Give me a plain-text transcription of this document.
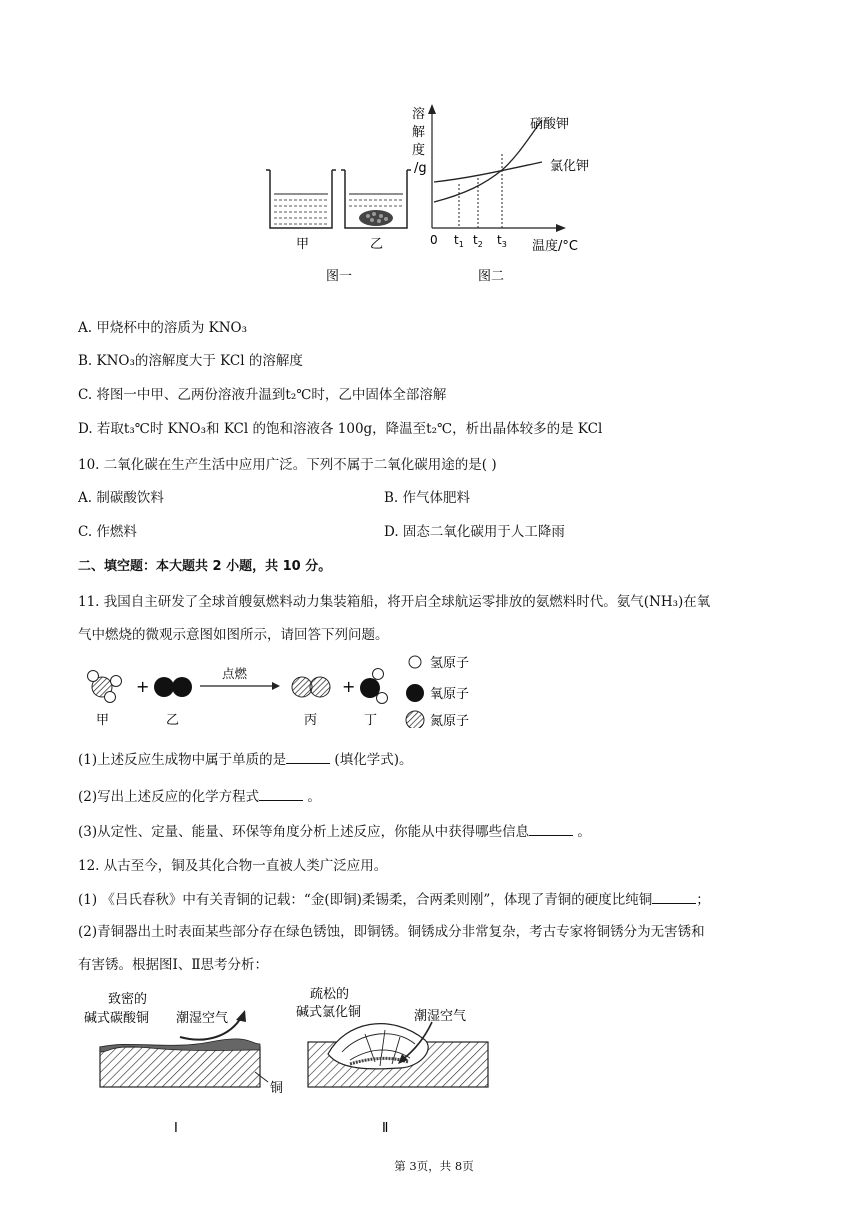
甲	乙
图一
溶
解
度
/g
硝酸钾
氯化钾
0 $t_1$ $t_2$ $t_3$ 温度/°C
图二
A. 甲烧杯中的溶质为 KNO₃
B. KNO₃的溶解度大于 KCl 的溶解度
C. 将图一中甲、乙两份溶液升温到t₂℃时，乙中固体全部溶解
D. 若取t₃℃时 KNO₃和 KCl 的饱和溶液各 100g，降温至t₂℃，析出晶体较多的是 KCl
10. 二氧化碳在生产生活中应用广泛。下列不属于二氧化碳用途的是( )
A. 制碳酸饮料	B. 作气体肥料
C. 作燃料	D. 固态二氧化碳用于人工降雨
二、填空题：本大题共 2 小题，共 10 分。
11. 我国自主研发了全球首艘氨燃料动力集装箱船，将开启全球航运零排放的氨燃料时代。氨气(NH₃)在氧
气中燃烧的微观示意图如图所示，请回答下列问题。
+
点燃
+
甲	乙	丙	丁
氢原子
氧原子
氮原子
(1)上述反应生成物中属于单质的是	(填化学式)。
(2)写出上述反应的化学方程式	。
(3)从定性、定量、能量、环保等角度分析上述反应，你能从中获得哪些信息	。
12. 从古至今，铜及其化合物一直被人类广泛应用。
(1) 《吕氏春秋》中有关青铜的记载：“金(即铜)柔锡柔，合两柔则刚”，体现了青铜的硬度比纯铜	；
(2)青铜器出土时表面某些部分存在绿色锈蚀，即铜锈。铜锈成分非常复杂，考古专家将铜锈分为无害锈和
有害锈。根据图Ⅰ、Ⅱ思考分析：
致密的
碱式碳酸铜 潮湿空气
铜
Ⅰ
疏松的
碱式氯化铜	潮湿空气
Ⅱ
第 3页，共 8页
